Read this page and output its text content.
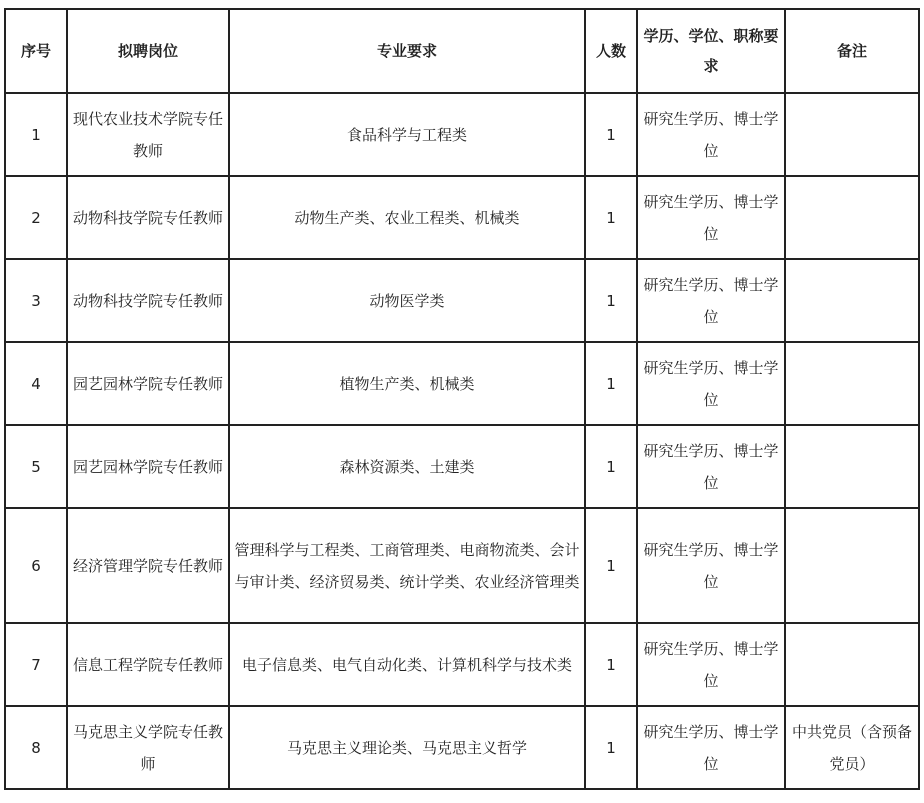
序号	拟聘岗位	专业要求	人数	学历、学位、职称要求	备注
1	现代农业技术学院专任教师	食品科学与工程类	1	研究生学历、博士学位	
2	动物科技学院专任教师	动物生产类、农业工程类、机械类	1	研究生学历、博士学位	
3	动物科技学院专任教师	动物医学类	1	研究生学历、博士学位	
4	园艺园林学院专任教师	植物生产类、机械类	1	研究生学历、博士学位	
5	园艺园林学院专任教师	森林资源类、土建类	1	研究生学历、博士学位	
6	经济管理学院专任教师	管理科学与工程类、工商管理类、电商物流类、会计与审计类、经济贸易类、统计学类、农业经济管理类	1	研究生学历、博士学位	
7	信息工程学院专任教师	电子信息类、电气自动化类、计算机科学与技术类	1	研究生学历、博士学位	
8	马克思主义学院专任教师	马克思主义理论类、马克思主义哲学	1	研究生学历、博士学位	中共党员（含预备党员）
